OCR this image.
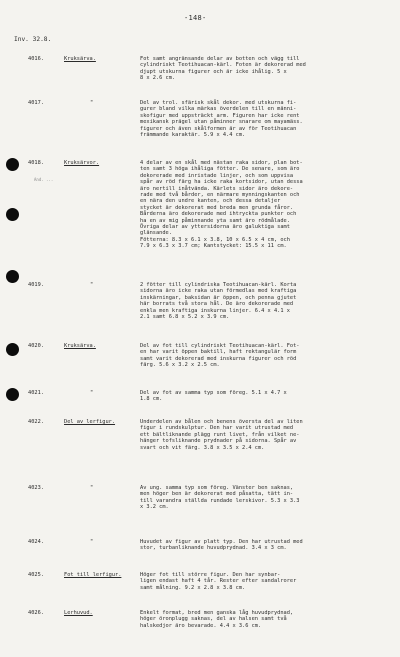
-148-
Inv. 32.8.
And. ...
4016.	Kruksärva.	Fot samt angränsande delar av botten och vägg till
cylindriskt Teotihuacan-kärl. Foten är dekorerad med
djupt utskurna figurer och är icke ihålig. 5 x
8 x 2.6 cm.
4017.	"	Del av trol. sfärisk skål dekor. med utskurna fi-
gurer bland vilka märkas överdelen till en männi-
skofigur med uppsträckt arm. Figuren har icke rent
mexikansk prägel utan påminner snarare om mayamäss.
figurer och även skålformen är av för Teotihuacan
främmande karaktär. 5.9 x 4.4 cm.
4018.	Kruksärvor.	4 delar av en skål med nästan raka sidor, plan bot-
ten samt 3 höga ihåliga fötter. De senare, som äro
dekorerade med inristade linjer, och som uppvisa
spår av röd färg ha icke raka kortsidor, utan dessa
äro nertill inåtvända. Kärlets sidor äro dekore-
rade med två bårder, en närmare mynningskanten och
en nära den undre kanten, och dessa detaljer
stycket är dekorerat med breda men grunda fåror.
Bårderna äro dekorerade med ihtryckta punkter och
ha en av mig påminnande yta samt äro rödmålade.
Övriga delar av yttersidorna äro galuktiga samt
glänsande.
Fötterna: 8.3 x 6.1 x 3.8, 10 x 6.5 x 4 cm, och
7.9 x 6.3 x 3.7 cm; Kantstycket: 15.5 x 11 cm.
4019.	"	2 fötter till cylindriska Teotihuacan-kärl. Korta
sidorna äro icke raka utan förmedlas med kraftiga
inskärningar, baksidan är öppen, och penna gjutet
här borrats två stora hål. De äro dekorerade med
enkla men kraftiga inskurna linjer. 6.4 x 4.1 x
2.1 samt 6.8 x 5.2 x 3.9 cm.
4020.	Kruksärva.	Del av fot till cylindriskt Teotihuacan-kärl. Fot-
en har varit öppen baktill, haft rektangulär form
samt varit dekorerad med inskurna figurer och röd
färg. 5.6 x 3.2 x 2.5 cm.
4021.	"	Del av fot av samma typ som föreg. 5.1 x 4.7 x
1.8 cm.
4022.	Del av lerfigur.	Underdelen av bålen och benens översta del av liten
figur i rundskulptur. Den har varit utrustad med
ett bältliknande plägg runt livet, från vilket ne-
hänger tofsliknande prydnader på sidorna. Spår av
svart och vit färg. 3.8 x 3.5 x 2.4 cm.
4023.	"	Av ung. samma typ som föreg. Vänster ben saknas,
men höger ben är dekorerat med påsatta, tätt in-
till varandra ställda rundade lerskivor. 5.3 x 3.3
x 3.2 cm.
4024.	"	Huvudet av figur av platt typ. Den har utrustad med
stor, turbanliknande huvudprydnad. 3.4 x 3 cm.
4025.	Fot till lerfigur.	Höger fot till större figur. Den har synbar-
ligen endast haft 4 tår. Rester efter sandalrorer
samt målning. 9.2 x 2.8 x 3.8 cm.
4026.	Lerhuvud.	Enkelt format, bred men ganska låg huvudprydnad,
höger öronplugg saknas, del av halsen samt två
halskedjor äro bevarade. 4.4 x 3.6 cm.
